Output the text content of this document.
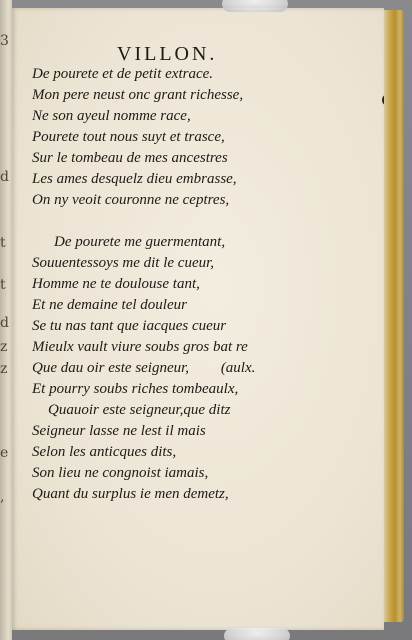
3
d
t
t
d
z
z
e
,
VILLON.
De pourete et de petit extrace.
Mon pere neust onc grant richesse,
Ne son ayeul nomme race,
Pourete tout nous suyt et trasce,
Sur le tombeau de mes ancestres
Les ames desquelz dieu embrasse,
On ny veoit couronne ne ceptres,
De pourete me guermentant,
Souuentessoys me dit le cueur,
Homme ne te doulouse tant,
Et ne demaine tel douleur
Se tu nas tant que iacques cueur
Mieulx vault viure soubs gros bat re
Que dau oir este seigneur, (aulx.
Et pourry soubs riches tombeaulx,
Quauoir este seigneur,que ditz
Seigneur lasse ne lest il mais
Selon les anticques dits,
Son lieu ne congnoist iamais,
Quant du surplus ie men demetz,
